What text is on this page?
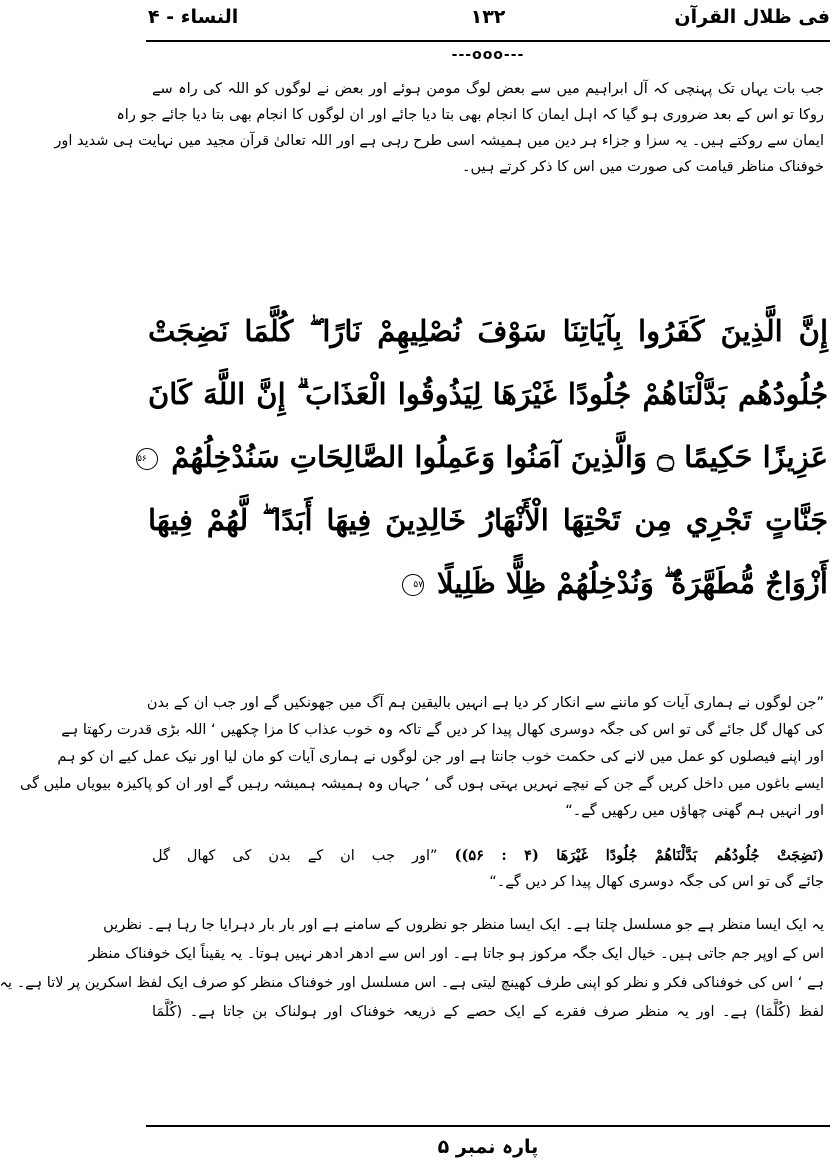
فی ظلال القرآن
۱۳۲
النساء - ۴
---ooo---
جب بات یہاں تک پہنچی کہ آل ابراہیم میں سے بعض لوگ مومن ہوئے اور بعض نے لوگوں کو اللہ کی راہ سے
روکا تو اس کے بعد ضروری ہو گیا کہ اہل ایمان کا انجام بھی بتا دیا جائے اور ان لوگوں کا انجام بھی بتا دیا جائے جو راہ
ایمان سے روکتے ہیں۔ یہ سزا و جزاء ہر دین میں ہمیشہ اسی طرح رہی ہے اور اللہ تعالیٰ قرآن مجید میں نہایت ہی شدید اور
خوفناک مناظر قیامت کی صورت میں اس کا ذکر کرتے ہیں۔
إِنَّ الَّذِينَ كَفَرُوا بِآيَاتِنَا سَوْفَ نُصْلِيهِمْ نَارًا ۖ كُلَّمَا نَضِجَتْ
جُلُودُهُم بَدَّلْنَاهُمْ جُلُودًا غَيْرَهَا لِيَذُوقُوا الْعَذَابَ ۗ إِنَّ اللَّهَ كَانَ
عَزِيزًا حَكِيمًا ۝ وَالَّذِينَ آمَنُوا وَعَمِلُوا الصَّالِحَاتِ سَنُدْخِلُهُمْ ۵۶
جَنَّاتٍ تَجْرِي مِن تَحْتِهَا الْأَنْهَارُ خَالِدِينَ فِيهَا أَبَدًا ۖ لَّهُمْ فِيهَا
أَزْوَاجٌ مُّطَهَّرَةٌ ۖ وَنُدْخِلُهُمْ ظِلًّا ظَلِيلًا ۵۷
”جن لوگوں نے ہماری آیات کو ماننے سے انکار کر دیا ہے انہیں بالیقین ہم آگ میں جھونکیں گے اور جب ان کے بدن
کی کھال گل جائے گی تو اس کی جگہ دوسری کھال پیدا کر دیں گے تاکہ وہ خوب عذاب کا مزا چکھیں ‘ اللہ بڑی قدرت رکھتا ہے
اور اپنے فیصلوں کو عمل میں لانے کی حکمت خوب جانتا ہے اور جن لوگوں نے ہماری آیات کو مان لیا اور نیک عمل کیے ان کو ہم
ایسے باغوں میں داخل کریں گے جن کے نیچے نہریں بہتی ہوں گی ‘ جہاں وہ ہمیشہ ہمیشہ رہیں گے اور ان کو پاکیزہ بیویاں ملیں گی
اور انہیں ہم گھنی چھاؤں میں رکھیں گے۔“
(نَضِجَتْ جُلُودُهُم بَدَّلْنَاهُمْ جُلُودًا غَيْرَهَا (۴ : ۵۶)) ”اور جب ان کے بدن کی کھال گل
جائے گی تو اس کی جگہ دوسری کھال پیدا کر دیں گے۔“
یہ ایک ایسا منظر ہے جو مسلسل چلتا ہے۔ ایک ایسا منظر جو نظروں کے سامنے ہے اور بار بار دہرایا جا رہا ہے۔ نظریں
اس کے اوپر جم جاتی ہیں۔ خیال ایک جگہ مرکوز ہو جاتا ہے۔ اور اس سے ادھر ادھر نہیں ہوتا۔ یہ یقیناً ایک خوفناک منظر
ہے ‘ اس کی خوفناکی فکر و نظر کو اپنی طرف کھینچ لیتی ہے۔ اس مسلسل اور خوفناک منظر کو صرف ایک لفظ اسکرین پر لاتا ہے۔ یہ
لفظ (كُلَّمَا) ہے۔ اور یہ منظر صرف فقرے کے ایک حصے کے ذریعہ خوفناک اور ہولناک بن جاتا ہے۔ (كُلَّمَا
پارہ نمبر ۵
